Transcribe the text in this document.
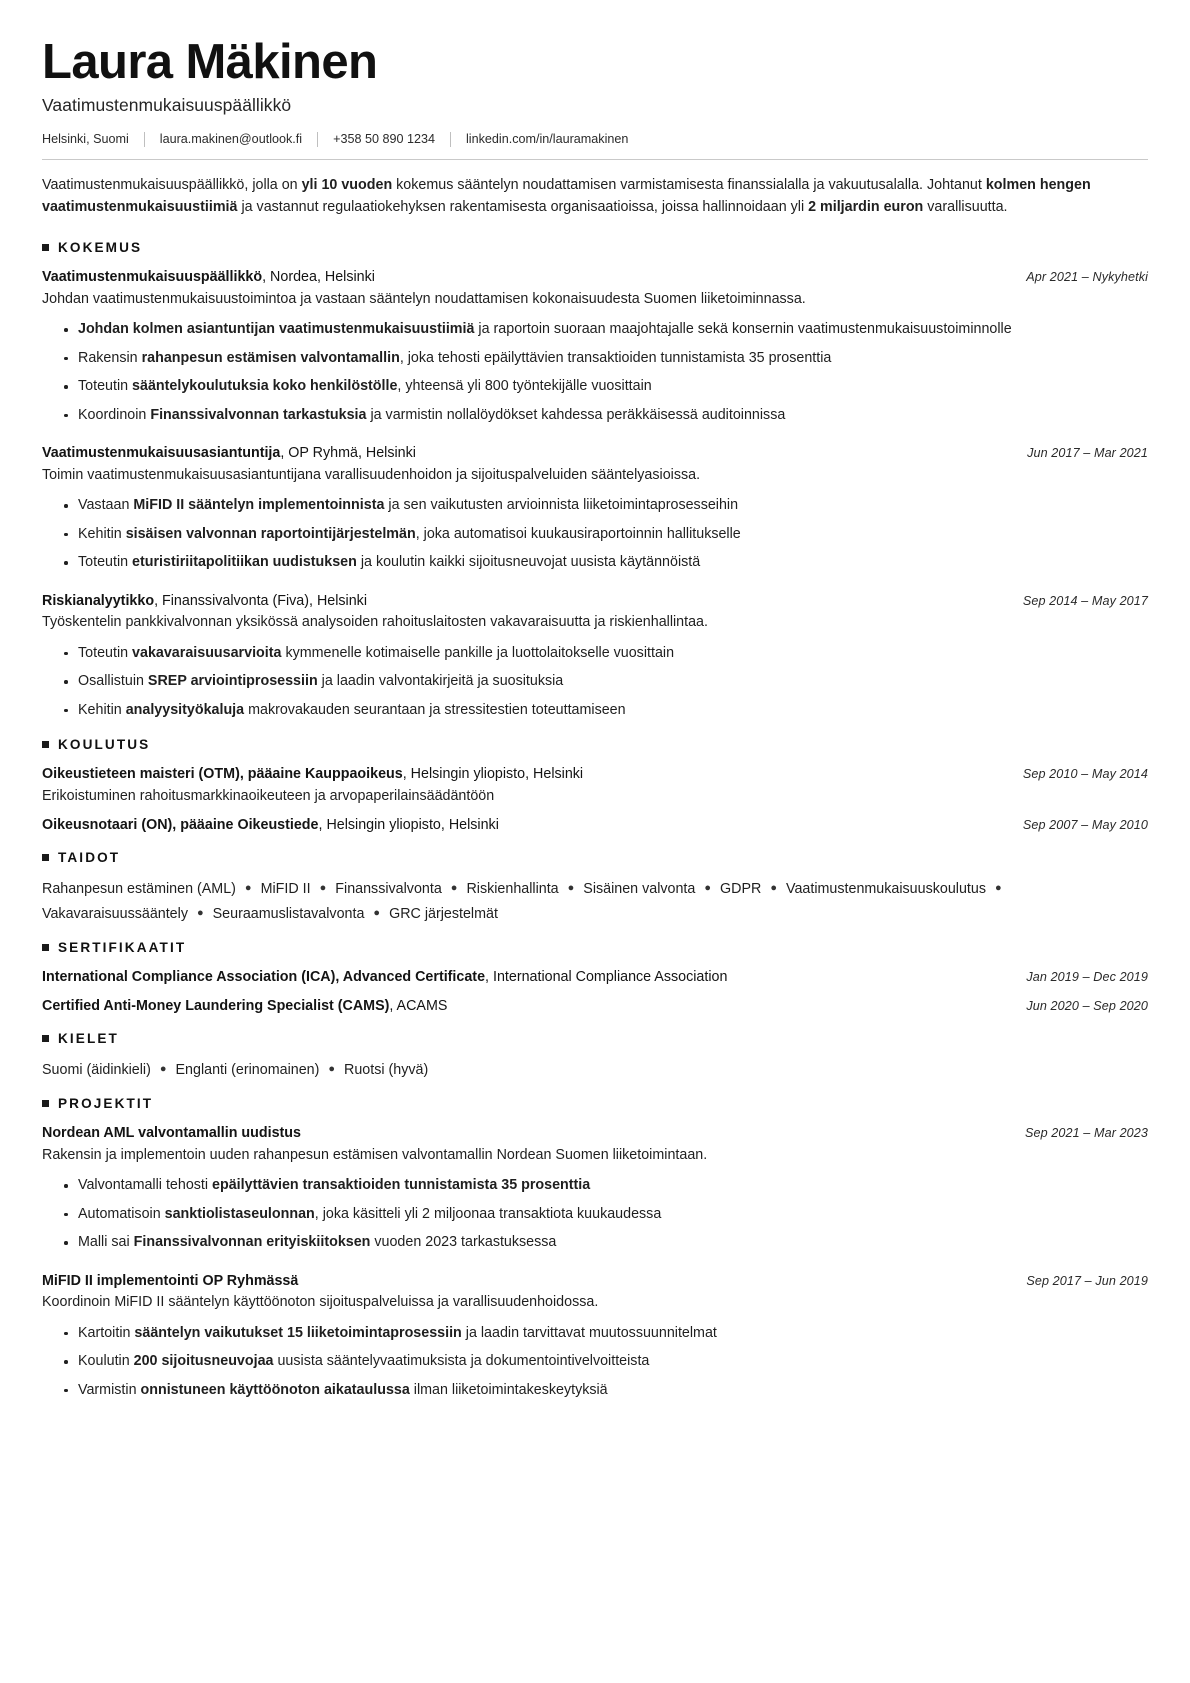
Laura Mäkinen
Vaatimustenmukaisuuspäällikkö
Helsinki, Suomi laura.makinen@outlook.fi +358 50 890 1234 linkedin.com/in/lauramakinen

Vaatimustenmukaisuuspäällikkö, jolla on yli 10 vuoden kokemus sääntelyn noudattamisen varmistamisesta finanssialalla ja vakuutusalalla. Johtanut kolmen hengen vaatimustenmukaisuustiimiä ja vastannut regulaatiokehyksen rakentamisesta organisaatioissa, joissa hallinnoidaan yli 2 miljardin euron varallisuutta.

KOKEMUS
Vaatimustenmukaisuuspäällikkö, Nordea, Helsinki	Apr 2021 – Nykyhetki
Johdan vaatimustenmukaisuustoimintoa ja vastaan sääntelyn noudattamisen kokonaisuudesta Suomen liiketoiminnassa.
Johdan kolmen asiantuntijan vaatimustenmukaisuustiimiä ja raportoin suoraan maajohtajalle sekä konsernin vaatimustenmukaisuustoiminnolle
Rakensin rahanpesun estämisen valvontamallin, joka tehosti epäilyttävien transaktioiden tunnistamista 35 prosenttia
Toteutin sääntelykoulutuksia koko henkilöstölle, yhteensä yli 800 työntekijälle vuosittain
Koordinoin Finanssivalvonnan tarkastuksia ja varmistin nollalöydökset kahdessa peräkkäisessä auditoinnissa
Vaatimustenmukaisuusasiantuntija, OP Ryhmä, Helsinki	Jun 2017 – Mar 2021
Toimin vaatimustenmukaisuusasiantuntijana varallisuudenhoidon ja sijoituspalveluiden sääntelyasioissa.
Vastaan MiFID II sääntelyn implementoinnista ja sen vaikutusten arvioinnista liiketoimintaprosesseihin
Kehitin sisäisen valvonnan raportointijärjestelmän, joka automatisoi kuukausiraportoinnin hallitukselle
Toteutin eturistiriitapolitiikan uudistuksen ja koulutin kaikki sijoitusneuvojat uusista käytännöistä
Riskianalyytikko, Finanssivalvonta (Fiva), Helsinki	Sep 2014 – May 2017
Työskentelin pankkivalvonnan yksikössä analysoiden rahoituslaitosten vakavaraisuutta ja riskienhallintaa.
Toteutin vakavaraisuusarvioita kymmenelle kotimaiselle pankille ja luottolaitokselle vuosittain
Osallistuin SREP arviointiprosessiin ja laadin valvontakirjeitä ja suosituksia
Kehitin analyysityökaluja makrovakauden seurantaan ja stressitestien toteuttamiseen
KOULUTUS
Oikeustieteen maisteri (OTM), pääaine Kauppaoikeus, Helsingin yliopisto, Helsinki	Sep 2010 – May 2014
Erikoistuminen rahoitusmarkkinaoikeuteen ja arvopaperilainsäädäntöön
Oikeusnotaari (ON), pääaine Oikeustiede, Helsingin yliopisto, Helsinki	Sep 2007 – May 2010
TAIDOT
Rahanpesun estäminen (AML) ● MiFID II ● Finanssivalvonta ● Riskienhallinta ● Sisäinen valvonta ● GDPR ● Vaatimustenmukaisuuskoulutus ●Vakavaraisuussääntely ● Seuraamuslistavalvonta ● GRC järjestelmät
SERTIFIKAATIT
International Compliance Association (ICA), Advanced Certificate, International Compliance Association	Jan 2019 – Dec 2019
Certified Anti-Money Laundering Specialist (CAMS), ACAMS	Jun 2020 – Sep 2020
KIELET
Suomi (äidinkieli) ● Englanti (erinomainen) ● Ruotsi (hyvä)
PROJEKTIT
Nordean AML valvontamallin uudistus	Sep 2021 – Mar 2023
Rakensin ja implementoin uuden rahanpesun estämisen valvontamallin Nordean Suomen liiketoimintaan.
Valvontamalli tehosti epäilyttävien transaktioiden tunnistamista 35 prosenttia
Automatisoin sanktiolistaseulonnan, joka käsitteli yli 2 miljoonaa transaktiota kuukaudessa
Malli sai Finanssivalvonnan erityiskiitoksen vuoden 2023 tarkastuksessa
MiFID II implementointi OP Ryhmässä	Sep 2017 – Jun 2019
Koordinoin MiFID II sääntelyn käyttöönoton sijoituspalveluissa ja varallisuudenhoidossa.
Kartoitin sääntelyn vaikutukset 15 liiketoimintaprosessiin ja laadin tarvittavat muutossuunnitelmat
Koulutin 200 sijoitusneuvojaa uusista sääntelyvaatimuksista ja dokumentointivelvoitteista
Varmistin onnistuneen käyttöönoton aikataulussa ilman liiketoimintakeskeytyksiä
